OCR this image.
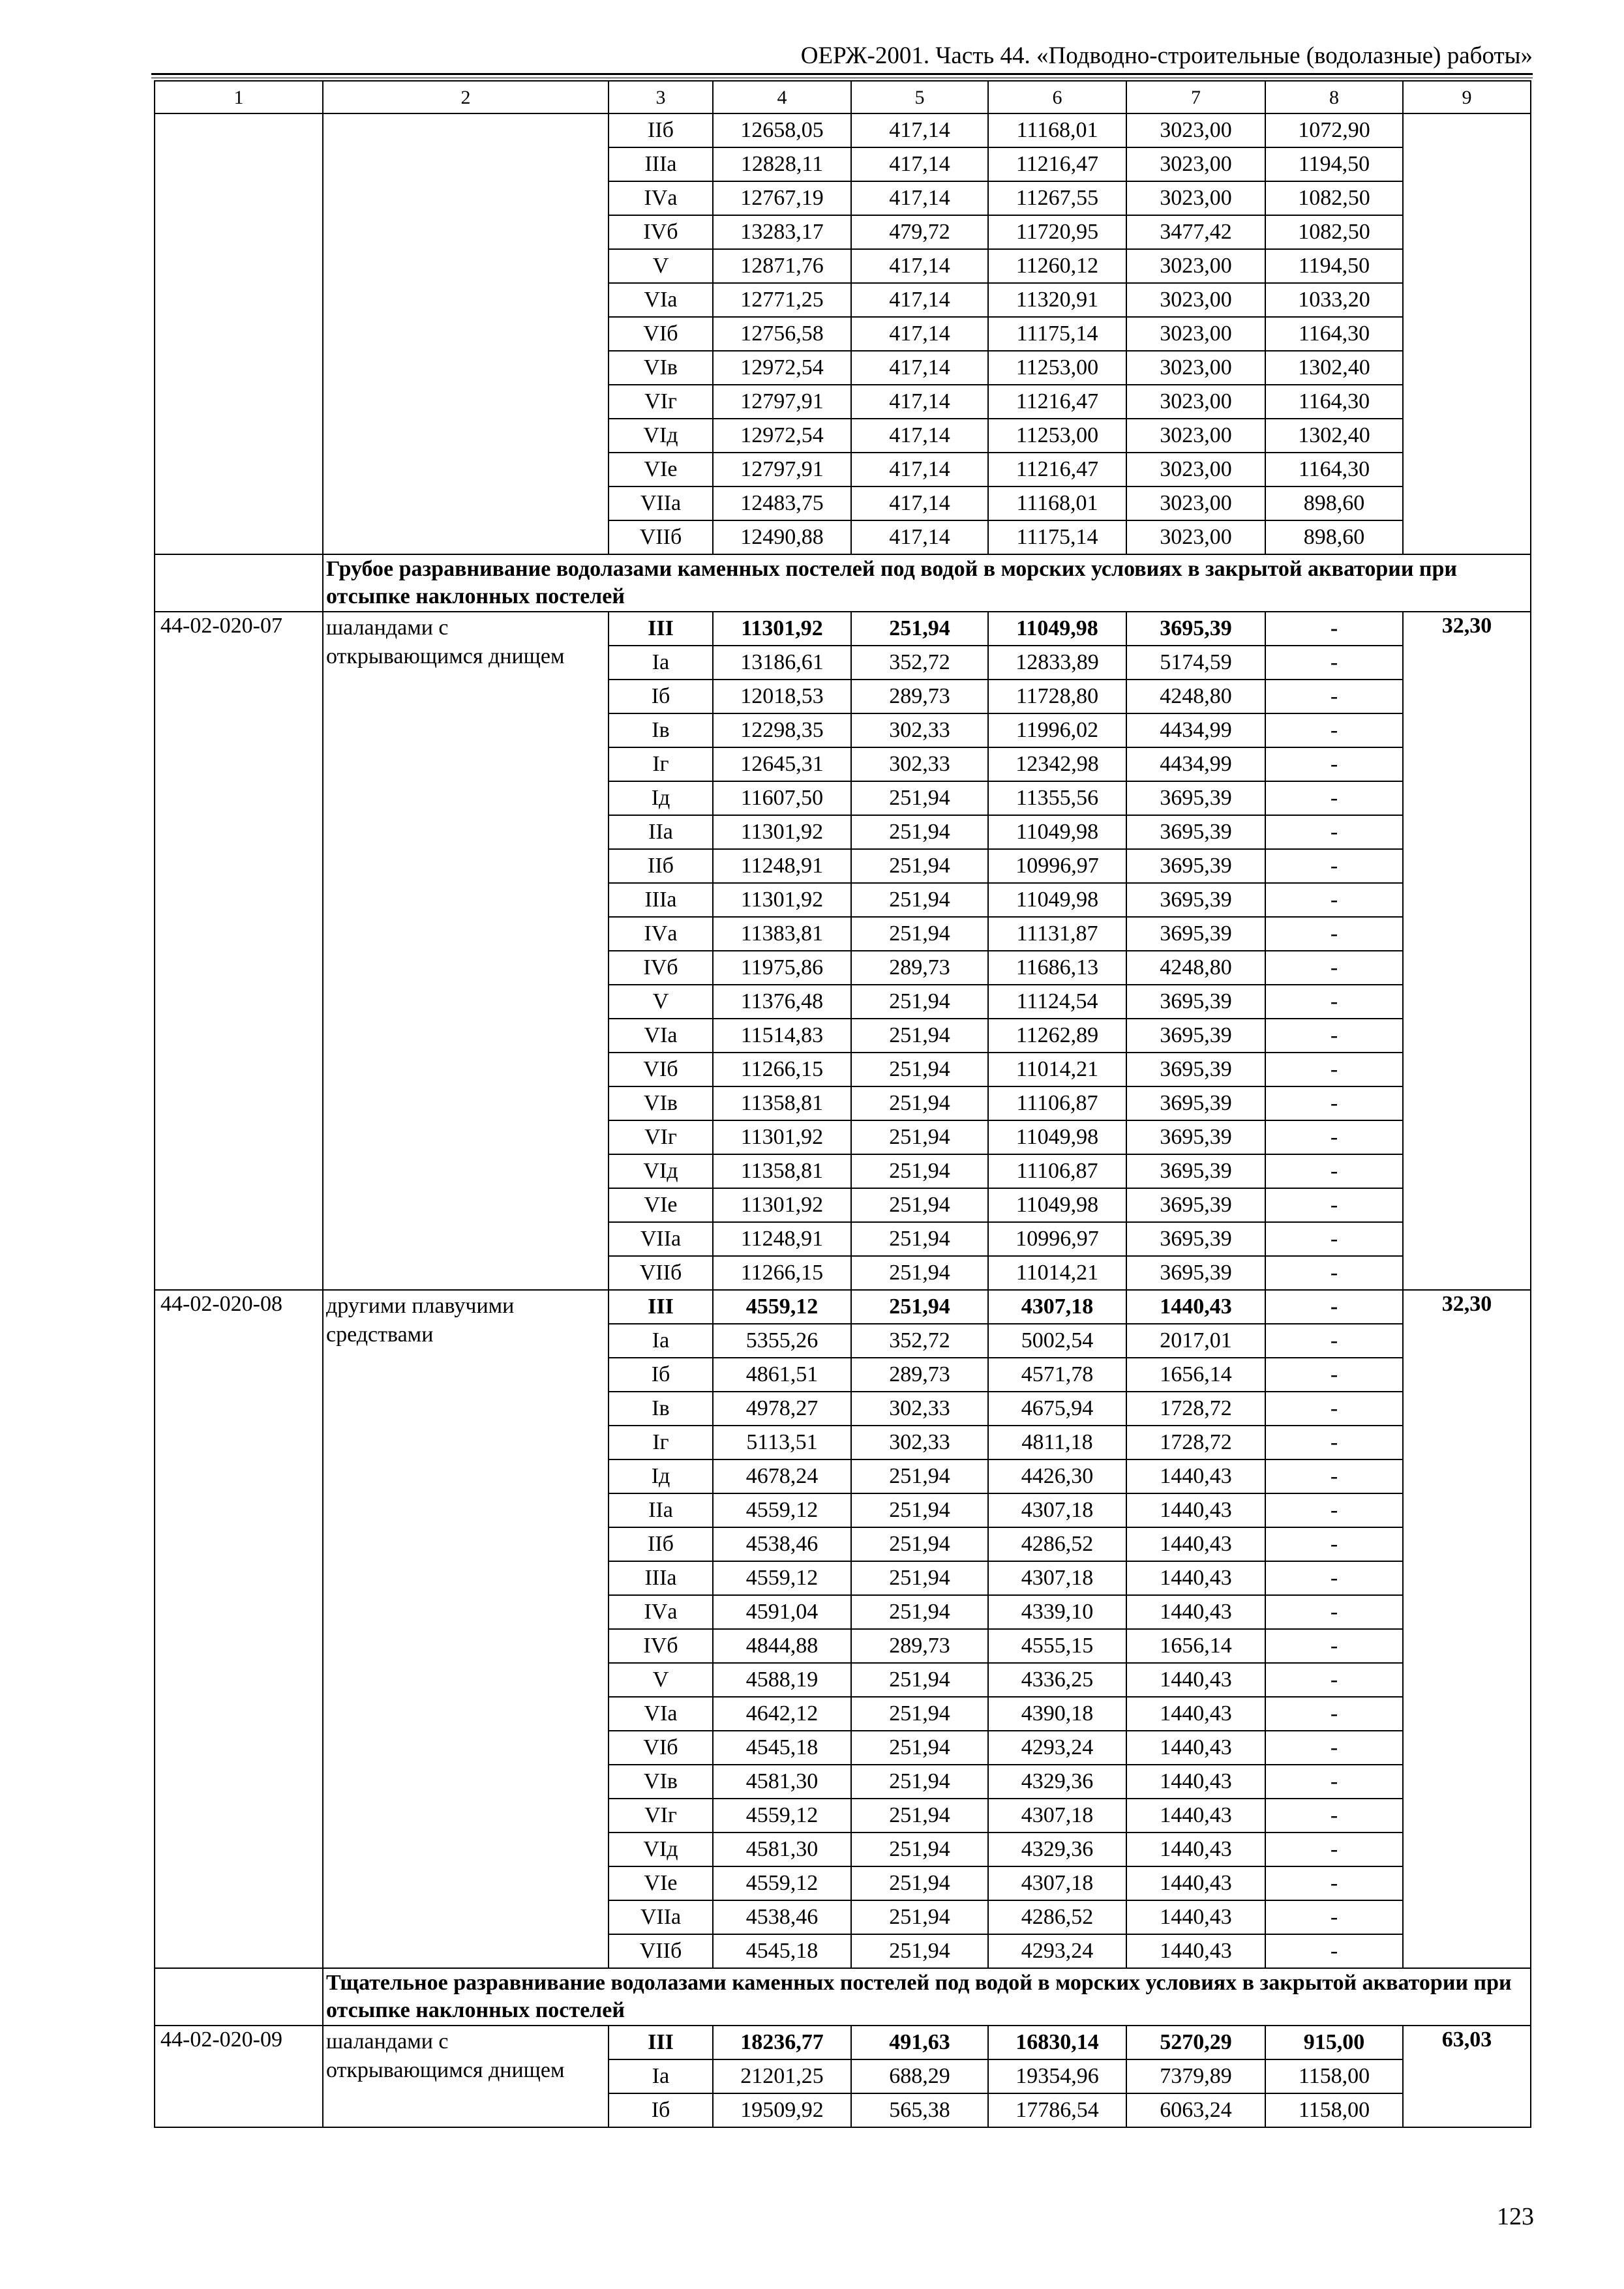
ОЕРЖ-2001. Часть 44. «Подводно-строительные (водолазные) работы»
1	2	3	4	5	6	7	8	9
		IIб	12658,05	417,14	11168,01	3023,00	1072,90	
		IIIа	12828,11	417,14	11216,47	3023,00	1194,50	
		IVа	12767,19	417,14	11267,55	3023,00	1082,50	
		IVб	13283,17	479,72	11720,95	3477,42	1082,50	
		V	12871,76	417,14	11260,12	3023,00	1194,50	
		VIа	12771,25	417,14	11320,91	3023,00	1033,20	
		VIб	12756,58	417,14	11175,14	3023,00	1164,30	
		VIв	12972,54	417,14	11253,00	3023,00	1302,40	
		VIг	12797,91	417,14	11216,47	3023,00	1164,30	
		VIд	12972,54	417,14	11253,00	3023,00	1302,40	
		VIе	12797,91	417,14	11216,47	3023,00	1164,30	
		VIIа	12483,75	417,14	11168,01	3023,00	898,60	
		VIIб	12490,88	417,14	11175,14	3023,00	898,60	
	Грубое разравнивание водолазами каменных постелей под водой в морских условиях в закрытой акватории при отсыпке наклонных постелей							
44-02-020-07	шаландами с открывающимся днищем	III	11301,92	251,94	11049,98	3695,39	-	32,30
		Iа	13186,61	352,72	12833,89	5174,59	-	
		Iб	12018,53	289,73	11728,80	4248,80	-	
		Iв	12298,35	302,33	11996,02	4434,99	-	
		Iг	12645,31	302,33	12342,98	4434,99	-	
		Iд	11607,50	251,94	11355,56	3695,39	-	
		IIа	11301,92	251,94	11049,98	3695,39	-	
		IIб	11248,91	251,94	10996,97	3695,39	-	
		IIIа	11301,92	251,94	11049,98	3695,39	-	
		IVа	11383,81	251,94	11131,87	3695,39	-	
		IVб	11975,86	289,73	11686,13	4248,80	-	
		V	11376,48	251,94	11124,54	3695,39	-	
		VIа	11514,83	251,94	11262,89	3695,39	-	
		VIб	11266,15	251,94	11014,21	3695,39	-	
		VIв	11358,81	251,94	11106,87	3695,39	-	
		VIг	11301,92	251,94	11049,98	3695,39	-	
		VIд	11358,81	251,94	11106,87	3695,39	-	
		VIе	11301,92	251,94	11049,98	3695,39	-	
		VIIа	11248,91	251,94	10996,97	3695,39	-	
		VIIб	11266,15	251,94	11014,21	3695,39	-	
44-02-020-08	другими плавучими средствами	III	4559,12	251,94	4307,18	1440,43	-	32,30
		Iа	5355,26	352,72	5002,54	2017,01	-	
		Iб	4861,51	289,73	4571,78	1656,14	-	
		Iв	4978,27	302,33	4675,94	1728,72	-	
		Iг	5113,51	302,33	4811,18	1728,72	-	
		Iд	4678,24	251,94	4426,30	1440,43	-	
		IIа	4559,12	251,94	4307,18	1440,43	-	
		IIб	4538,46	251,94	4286,52	1440,43	-	
		IIIа	4559,12	251,94	4307,18	1440,43	-	
		IVа	4591,04	251,94	4339,10	1440,43	-	
		IVб	4844,88	289,73	4555,15	1656,14	-	
		V	4588,19	251,94	4336,25	1440,43	-	
		VIа	4642,12	251,94	4390,18	1440,43	-	
		VIб	4545,18	251,94	4293,24	1440,43	-	
		VIв	4581,30	251,94	4329,36	1440,43	-	
		VIг	4559,12	251,94	4307,18	1440,43	-	
		VIд	4581,30	251,94	4329,36	1440,43	-	
		VIе	4559,12	251,94	4307,18	1440,43	-	
		VIIа	4538,46	251,94	4286,52	1440,43	-	
		VIIб	4545,18	251,94	4293,24	1440,43	-	
	Тщательное разравнивание водолазами каменных постелей под водой в морских условиях в закрытой акватории при отсыпке наклонных постелей							
44-02-020-09	шаландами с открывающимся днищем	III	18236,77	491,63	16830,14	5270,29	915,00	63,03
		Iа	21201,25	688,29	19354,96	7379,89	1158,00	
		Iб	19509,92	565,38	17786,54	6063,24	1158,00	
123
